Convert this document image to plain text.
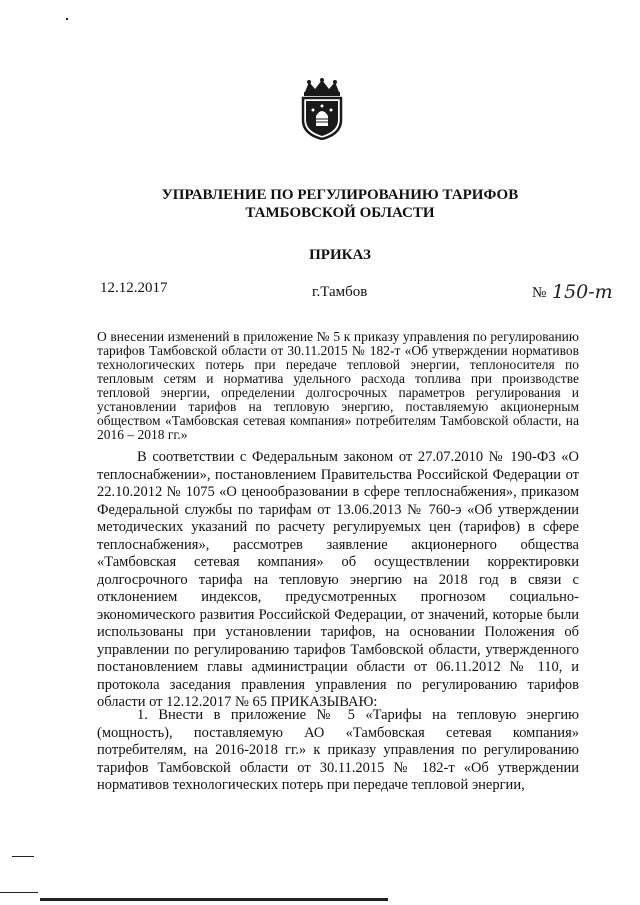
УПРАВЛЕНИЕ ПО РЕГУЛИРОВАНИЮ ТАРИФОВ
ТАМБОВСКОЙ ОБЛАСТИ
ПРИКАЗ
12.12.2017	г.Тамбов	№ 150-т
О внесении изменений в приложение № 5 к приказу управления по регулированию тарифов Тамбовской области от 30.11.2015 № 182-т «Об утверждении нормативов технологических потерь при передаче тепловой энергии, теплоносителя по тепловым сетям и норматива удельного расхода топлива при производстве тепловой энергии, определении долгосрочных параметров регулирования и установлении тарифов на тепловую энергию, поставляемую акционерным обществом «Тамбовская сетевая компания» потребителям Тамбовской области, на 2016 – 2018 гг.»
В соответствии с Федеральным законом от 27.07.2010 № 190-ФЗ «О теплоснабжении», постановлением Правительства Российской Федерации от 22.10.2012 № 1075 «О ценообразовании в сфере теплоснабжения», приказом Федеральной службы по тарифам от 13.06.2013 № 760-э «Об утверждении методических указаний по расчету регулируемых цен (тарифов) в сфере теплоснабжения», рассмотрев заявление акционерного общества «Тамбовская сетевая компания» об осуществлении корректировки долгосрочного тарифа на тепловую энергию на 2018 год в связи с отклонением индексов, предусмотренных прогнозом социально-экономического развития Российской Федерации, от значений, которые были использованы при установлении тарифов, на основании Положения об управлении по регулированию тарифов Тамбовской области, утвержденного постановлением главы администрации области от 06.11.2012 № 110, и протокола заседания правления управления по регулированию тарифов области от 12.12.2017 № 65 ПРИКАЗЫВАЮ:
1. Внести в приложение № 5 «Тарифы на тепловую энергию (мощность), поставляемую АО «Тамбовская сетевая компания» потребителям, на 2016-2018 гг.» к приказу управления по регулированию тарифов Тамбовской области от 30.11.2015 № 182-т «Об утверждении нормативов технологических потерь при передаче тепловой энергии,
